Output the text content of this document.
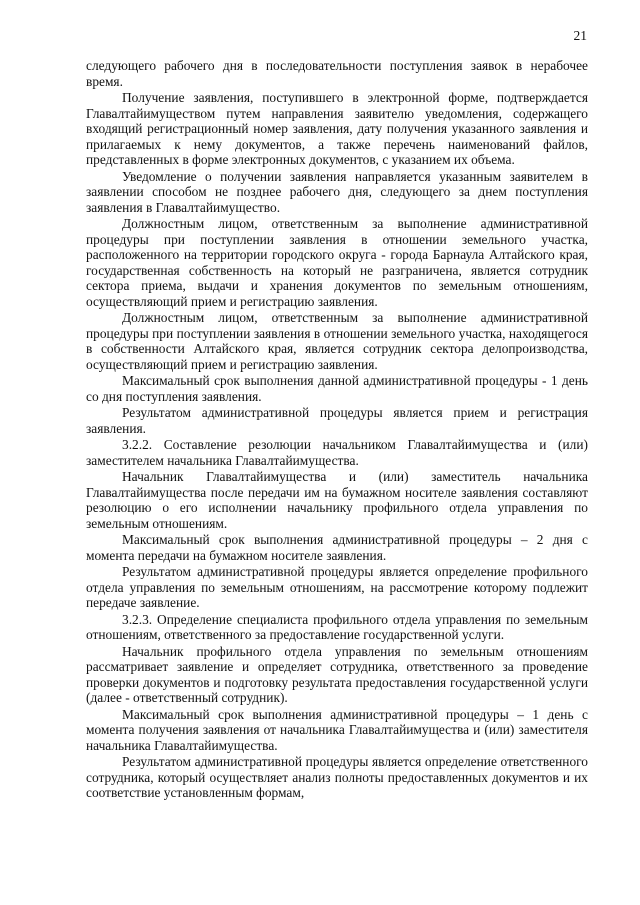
21

следующего рабочего дня в последовательности поступления заявок в нерабочее время.

Получение заявления, поступившего в электронной форме, подтверждается Главалтайимуществом путем направления заявителю уведомления, содержащего входящий регистрационный номер заявления, дату получения указанного заявления и прилагаемых к нему документов, а также перечень наименований файлов, представленных в форме электронных документов, с указанием их объема.

Уведомление о получении заявления направляется указанным заявителем в заявлении способом не позднее рабочего дня, следующего за днем поступления заявления в Главалтайимущество.

Должностным лицом, ответственным за выполнение административной процедуры при поступлении заявления в отношении земельного участка, расположенного на территории городского округа - города Барнаула Алтайского края, государственная собственность на который не разграничена, является сотрудник сектора приема, выдачи и хранения документов по земельным отношениям, осуществляющий прием и регистрацию заявления.

Должностным лицом, ответственным за выполнение административной процедуры при поступлении заявления в отношении земельного участка, находящегося в собственности Алтайского края, является сотрудник сектора делопроизводства, осуществляющий прием и регистрацию заявления.

Максимальный срок выполнения данной административной процедуры - 1 день со дня поступления заявления.

Результатом административной процедуры является прием и регистрация заявления.

3.2.2. Составление резолюции начальником Главалтайимущества и (или) заместителем начальника Главалтайимущества.

Начальник Главалтайимущества и (или) заместитель начальника Главалтайимущества после передачи им на бумажном носителе заявления составляют резолюцию о его исполнении начальнику профильного отдела управления по земельным отношениям.

Максимальный срок выполнения административной процедуры – 2 дня с момента передачи на бумажном носителе заявления.

Результатом административной процедуры является определение профильного отдела управления по земельным отношениям, на рассмотрение которому подлежит передаче заявление.

3.2.3. Определение специалиста профильного отдела управления по земельным отношениям, ответственного за предоставление государственной услуги.

Начальник профильного отдела управления по земельным отношениям рассматривает заявление и определяет сотрудника, ответственного за проведение проверки документов и подготовку результата предоставления государственной услуги (далее - ответственный сотрудник).

Максимальный срок выполнения административной процедуры – 1 день с момента получения заявления от начальника Главалтайимущества и (или) заместителя начальника Главалтайимущества.

Результатом административной процедуры является определение ответственного сотрудника, который осуществляет анализ полноты предоставленных документов и их соответствие установленным формам,
